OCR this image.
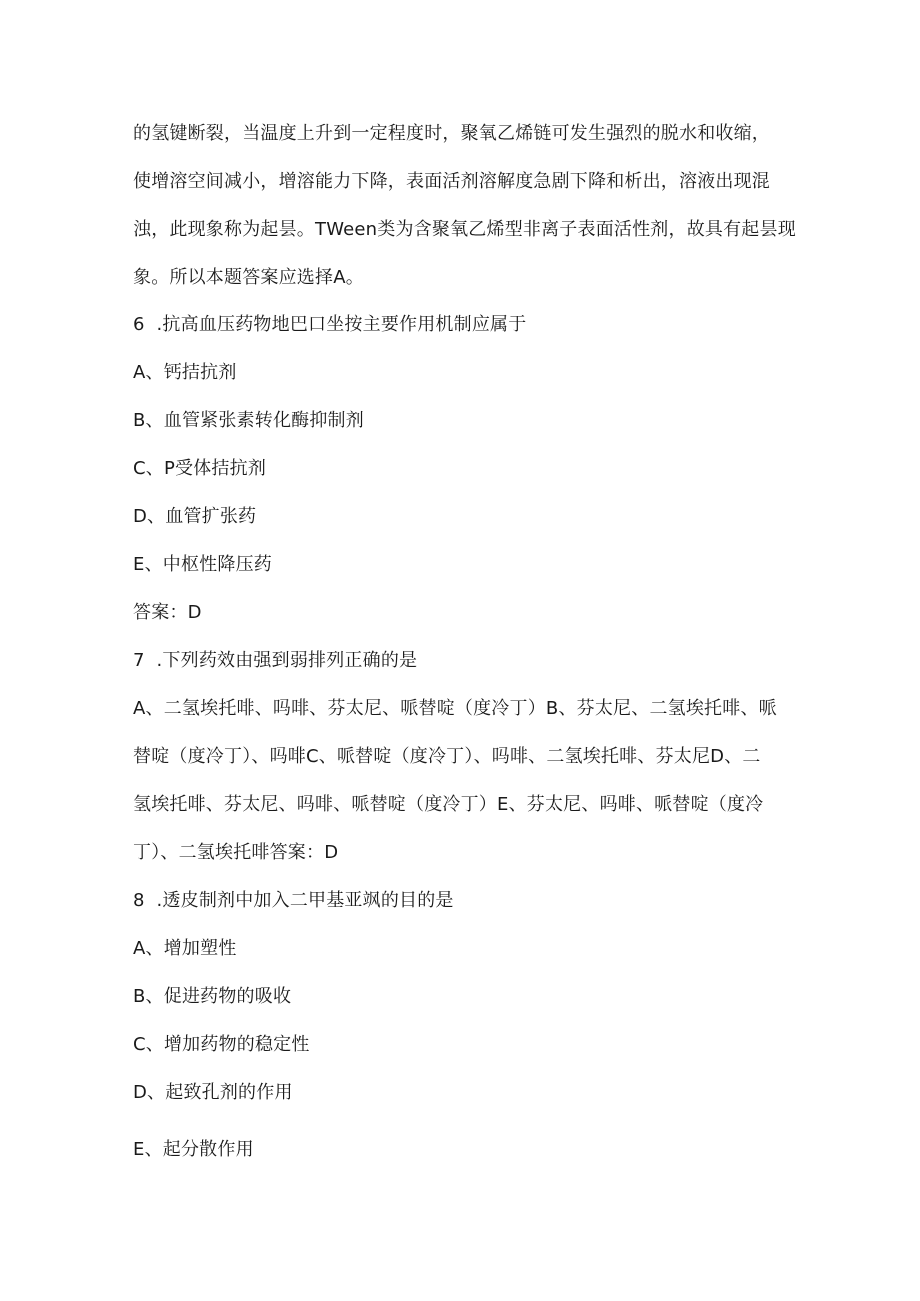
的氢键断裂，当温度上升到一定程度时，聚氧乙烯链可发生强烈的脱水和收缩，
使增溶空间减小，增溶能力下降，表面活剂溶解度急剧下降和析出，溶液出现混
浊，此现象称为起昙。TWeen类为含聚氧乙烯型非离子表面活性剂，故具有起昙现
象。所以本题答案应选择A。
6  .抗高血压药物地巴口坐按主要作用机制应属于
A、钙拮抗剂
B、血管紧张素转化酶抑制剂
C、P受体拮抗剂
D、血管扩张药
E、中枢性降压药
答案：D
7  .下列药效由强到弱排列正确的是
A、二氢埃托啡、吗啡、芬太尼、哌替啶（度冷丁）B、芬太尼、二氢埃托啡、哌
替啶（度冷丁）、吗啡C、哌替啶（度冷丁）、吗啡、二氢埃托啡、芬太尼D、二
氢埃托啡、芬太尼、吗啡、哌替啶（度冷丁）E、芬太尼、吗啡、哌替啶（度冷
丁）、二氢埃托啡答案：D
8  .透皮制剂中加入二甲基亚飒的目的是
A、增加塑性
B、促进药物的吸收
C、增加药物的稳定性
D、起致孔剂的作用
E、起分散作用
